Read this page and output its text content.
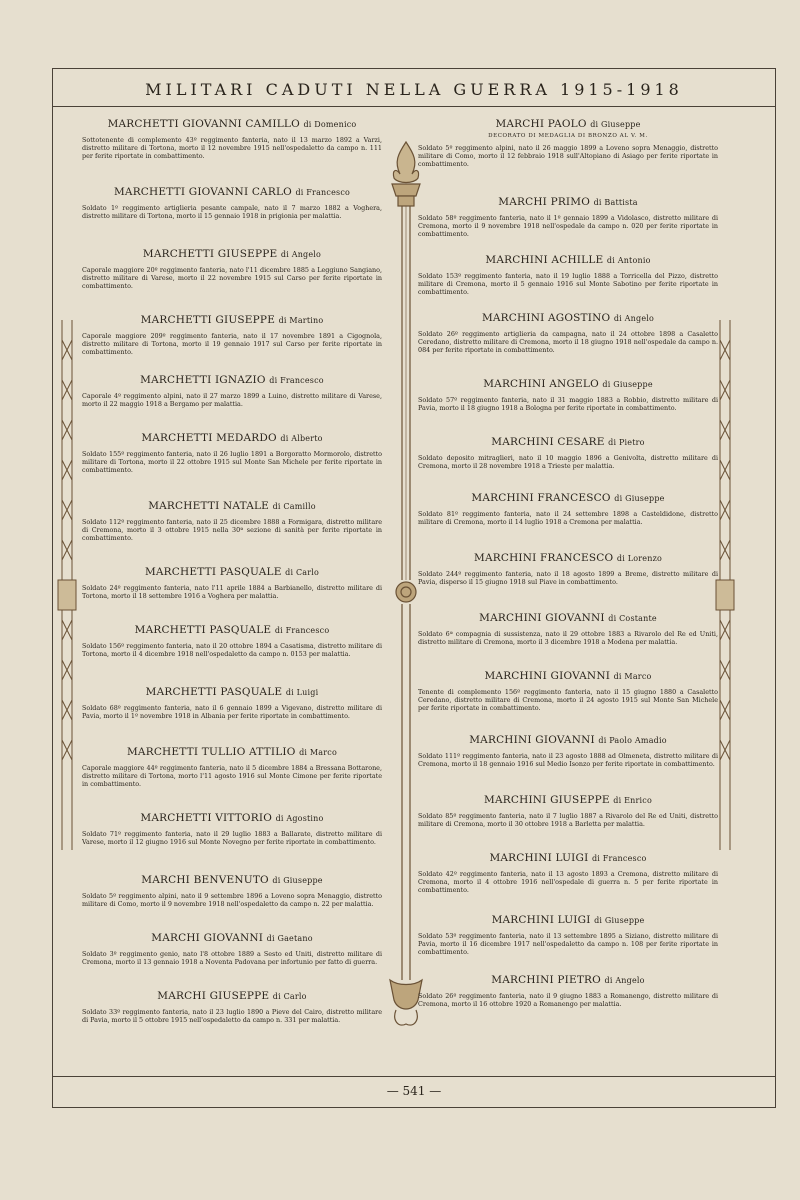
MILITARI CADUTI NELLA GUERRA 1915-1918
MARCHETTI GIOVANNI CAMILLO di Domenico

Sottotenente di complemento 43º reggimento fanteria, nato il 13 marzo 1892 a Varzi, distretto militare di Tortona, morto il 12 novembre 1915 nell'ospedaletto da campo n. 111 per ferite riportate in combattimento.

MARCHETTI GIOVANNI CARLO di Francesco

Soldato 1º reggimento artiglieria pesante campale, nato il 7 marzo 1882 a Voghera, distretto militare di Tortona, morto il 15 gennaio 1918 in prigionia per malattia.

MARCHETTI GIUSEPPE di Angelo

Caporale maggiore 20º reggimento fanteria, nato l'11 dicembre 1885 a Leggiuno Sangiano, distretto militare di Varese, morto il 22 novembre 1915 sul Carso per ferite riportate in combattimento.

MARCHETTI GIUSEPPE di Martino

Caporale maggiore 209º reggimento fanteria, nato il 17 novembre 1891 a Cigognola, distretto militare di Tortona, morto il 19 gennaio 1917 sul Carso per ferite riportate in combattimento.

MARCHETTI IGNAZIO di Francesco

Caporale 4º reggimento alpini, nato il 27 marzo 1899 a Luino, distretto militare di Varese, morto il 22 maggio 1918 a Bergamo per malattia.

MARCHETTI MEDARDO di Alberto

Soldato 155º reggimento fanteria, nato il 26 luglio 1891 a Borgoratto Mormorolo, distretto militare di Tortona, morto il 22 ottobre 1915 sul Monte San Michele per ferite riportate in combattimento.

MARCHETTI NATALE di Camillo

Soldato 112º reggimento fanteria, nato il 25 dicembre 1888 a Formigara, distretto militare di Cremona, morto il 3 ottobre 1915 nella 30ª sezione di sanità per ferite riportate in combattimento.

MARCHETTI PASQUALE di Carlo

Soldato 24º reggimento fanteria, nato l'11 aprile 1884 a Barbianello, distretto militare di Tortona, morto il 18 settembre 1916 a Voghera per malattia.

MARCHETTI PASQUALE di Francesco

Soldato 156º reggimento fanteria, nato il 20 ottobre 1894 a Casatisma, distretto militare di Tortona, morto il 4 dicembre 1918 nell'ospedaletto da campo n. 0153 per malattia.

MARCHETTI PASQUALE di Luigi

Soldato 68º reggimento fanteria, nato il 6 gennaio 1899 a Vigevano, distretto militare di Pavia, morto il 1º novembre 1918 in Albania per ferite riportate in combattimento.

MARCHETTI TULLIO ATTILIO di Marco

Caporale maggiore 44º reggimento fanteria, nato il 5 dicembre 1884 a Bressana Bottarone, distretto militare di Tortona, morto l'11 agosto 1916 sul Monte Cimone per ferite riportate in combattimento.

MARCHETTI VITTORIO di Agostino

Soldato 71º reggimento fanteria, nato il 29 luglio 1883 a Ballarate, distretto militare di Varese, morto il 12 giugno 1916 sul Monte Novegno per ferite riportate in combattimento.

MARCHI BENVENUTO di Giuseppe

Soldato 5º reggimento alpini, nato il 9 settembre 1896 a Loveno sopra Menaggio, distretto militare di Como, morto il 9 novembre 1918 nell'ospedaletto da campo n. 22 per malattia.

MARCHI GIOVANNI di Gaetano

Soldato 3º reggimento genio, nato l'8 ottobre 1889 a Sesto ed Uniti, distretto militare di Cremona, morto il 13 gennaio 1918 a Noventa Padovana per infortunio per fatto di guerra.

MARCHI GIUSEPPE di Carlo

Soldato 33º reggimento fanteria, nato il 23 luglio 1890 a Pieve del Cairo, distretto militare di Pavia, morto il 5 ottobre 1915 nell'ospedaletto da campo n. 331 per malattia.

MARCHI PAOLO di Giuseppe
DECORATO DI MEDAGLIA DI BRONZO AL V. M.

Soldato 5º reggimento alpini, nato il 26 maggio 1899 a Loveno sopra Menaggio, distretto militare di Como, morto il 12 febbraio 1918 sull'Altopiano di Asiago per ferite riportate in combattimento.

MARCHI PRIMO di Battista

Soldato 58º reggimento fanteria, nato il 1º gennaio 1899 a Vidolasco, distretto militare di Cremona, morto il 9 novembre 1918 nell'ospedale da campo n. 020 per ferite riportate in combattimento.

MARCHINI ACHILLE di Antonio

Soldato 153º reggimento fanteria, nato il 19 luglio 1888 a Torricella del Pizzo, distretto militare di Cremona, morto il 5 gennaio 1916 sul Monte Sabotino per ferite riportate in combattimento.

MARCHINI AGOSTINO di Angelo

Soldato 26º reggimento artiglieria da campagna, nato il 24 ottobre 1898 a Casaletto Ceredano, distretto militare di Cremona, morto il 18 giugno 1918 nell'ospedale da campo n. 084 per ferite riportate in combattimento.

MARCHINI ANGELO di Giuseppe

Soldato 57º reggimento fanteria, nato il 31 maggio 1883 a Robbio, distretto militare di Pavia, morto il 18 giugno 1918 a Bologna per ferite riportate in combattimento.

MARCHINI CESARE di Pietro

Soldato deposito mitraglieri, nato il 10 maggio 1896 a Genivolta, distretto militare di Cremona, morto il 28 novembre 1918 a Trieste per malattia.

MARCHINI FRANCESCO di Giuseppe

Soldato 81º reggimento fanteria, nato il 24 settembre 1898 a Casteldidone, distretto militare di Cremona, morto il 14 luglio 1918 a Cremona per malattia.

MARCHINI FRANCESCO di Lorenzo

Soldato 244º reggimento fanteria, nato il 18 agosto 1899 a Breme, distretto militare di Pavia, disperso il 15 giugno 1918 sul Piave in combattimento.

MARCHINI GIOVANNI di Costante

Soldato 6ª compagnia di sussistenza, nato il 29 ottobre 1883 a Rivarolo del Re ed Uniti, distretto militare di Cremona, morto il 3 dicembre 1918 a Modena per malattia.

MARCHINI GIOVANNI di Marco

Tenente di complemento 156º reggimento fanteria, nato il 15 giugno 1880 a Casaletto Ceredano, distretto militare di Cremona, morto il 24 agosto 1915 sul Monte San Michele per ferite riportate in combattimento.

MARCHINI GIOVANNI di Paolo Amadio

Soldato 111º reggimento fanteria, nato il 23 agosto 1888 ad Olmeneta, distretto militare di Cremona, morto il 18 gennaio 1916 sul Medio Isonzo per ferite riportate in combattimento.

MARCHINI GIUSEPPE di Enrico

Soldato 85º reggimento fanteria, nato il 7 luglio 1887 a Rivarolo del Re ed Uniti, distretto militare di Cremona, morto il 30 ottobre 1918 a Barletta per malattia.

MARCHINI LUIGI di Francesco

Soldato 42º reggimento fanteria, nato il 13 agosto 1893 a Cremona, distretto militare di Cremona, morto il 4 ottobre 1916 nell'ospedale di guerra n. 5 per ferite riportate in combattimento.

MARCHINI LUIGI di Giuseppe

Soldato 53º reggimento fanteria, nato il 13 settembre 1895 a Siziano, distretto militare di Pavia, morto il 16 dicembre 1917 nell'ospedaletto da campo n. 108 per ferite riportate in combattimento.

MARCHINI PIETRO di Angelo

Soldato 26º reggimento fanteria, nato il 9 giugno 1883 a Romanengo, distretto militare di Cremona, morto il 16 ottobre 1920 a Romanengo per malattia.

— 541 —
